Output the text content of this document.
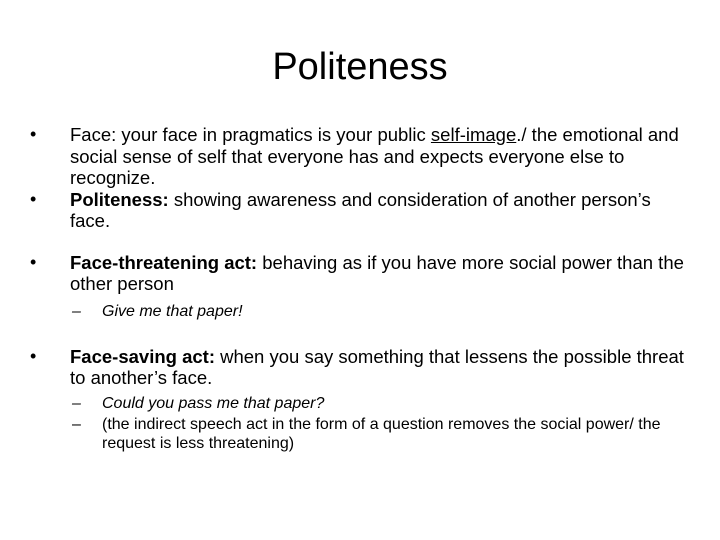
Politeness
• Face: your face in pragmatics is your public self-image./ the emotional and social sense of self that everyone has and expects everyone else to recognize.
• Politeness: showing awareness and consideration of another person’s face.
• Face-threatening act: behaving as if you have more social power than the other person
– Give me that paper!
• Face-saving act: when you say something that lessens the possible threat to another’s face.
– Could you pass me that paper?
– (the indirect speech act in the form of a question removes the social power/ the request is less threatening)
